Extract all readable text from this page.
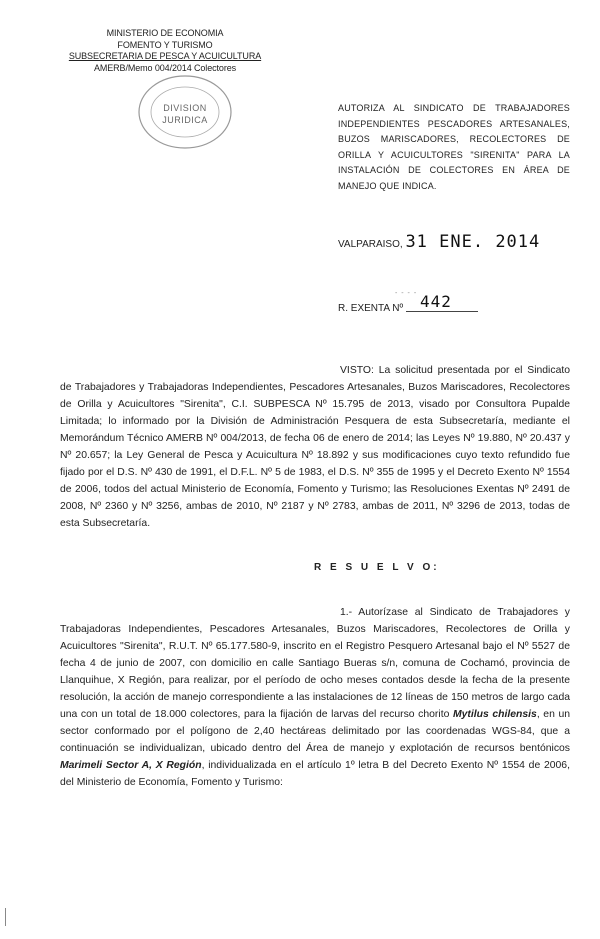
MINISTERIO DE ECONOMIA
FOMENTO Y TURISMO
SUBSECRETARIA DE PESCA Y ACUICULTURA
AMERB/Memo 004/2014 Colectores
DIVISION
JURIDICA
AUTORIZA AL SINDICATO DE TRABAJADORES INDEPENDIENTES PESCADORES ARTESANALES, BUZOS MARISCADORES, RECOLECTORES DE ORILLA Y ACUICULTORES "SIRENITA" PARA LA INSTALACIÓN DE COLECTORES EN ÁREA DE MANEJO QUE INDICA.
VALPARAISO, 31 ENE. 2014
- - - - 442
R. EXENTA Nº
VISTO: La solicitud presentada por el Sindicato de Trabajadores y Trabajadoras Independientes, Pescadores Artesanales, Buzos Mariscadores, Recolectores de Orilla y Acuicultores "Sirenita", C.I. SUBPESCA Nº 15.795 de 2013, visado por Consultora Pupalde Limitada; lo informado por la División de Administración Pesquera de esta Subsecretaría, mediante el Memorándum Técnico AMERB Nº 004/2013, de fecha 06 de enero de 2014; las Leyes Nº 19.880, Nº 20.437 y Nº 20.657; la Ley General de Pesca y Acuicultura Nº 18.892 y sus modificaciones cuyo texto refundido fue fijado por el D.S. Nº 430 de 1991, el D.F.L. Nº 5 de 1983, el D.S. Nº 355 de 1995 y el Decreto Exento Nº 1554 de 2006, todos del actual Ministerio de Economía, Fomento y Turismo; las Resoluciones Exentas Nº 2491 de 2008, Nº 2360 y Nº 3256, ambas de 2010, Nº 2187 y Nº 2783, ambas de 2011, Nº 3296 de 2013, todas de esta Subsecretaría.
R E S U E L V O:
1.- Autorízase al Sindicato de Trabajadores y Trabajadoras Independientes, Pescadores Artesanales, Buzos Mariscadores, Recolectores de Orilla y Acuicultores "Sirenita", R.U.T. Nº 65.177.580-9, inscrito en el Registro Pesquero Artesanal bajo el Nº 5527 de fecha 4 de junio de 2007, con domicilio en calle Santiago Bueras s/n, comuna de Cochamó, provincia de Llanquihue, X Región, para realizar, por el período de ocho meses contados desde la fecha de la presente resolución, la acción de manejo correspondiente a las instalaciones de 12 líneas de 150 metros de largo cada una con un total de 18.000 colectores, para la fijación de larvas del recurso chorito Mytilus chilensis, en un sector conformado por el polígono de 2,40 hectáreas delimitado por las coordenadas WGS-84, que a continuación se individualizan, ubicado dentro del Área de manejo y explotación de recursos bentónicos Marimeli Sector A, X Región, individualizada en el artículo 1º letra B del Decreto Exento Nº 1554 de 2006, del Ministerio de Economía, Fomento y Turismo:
